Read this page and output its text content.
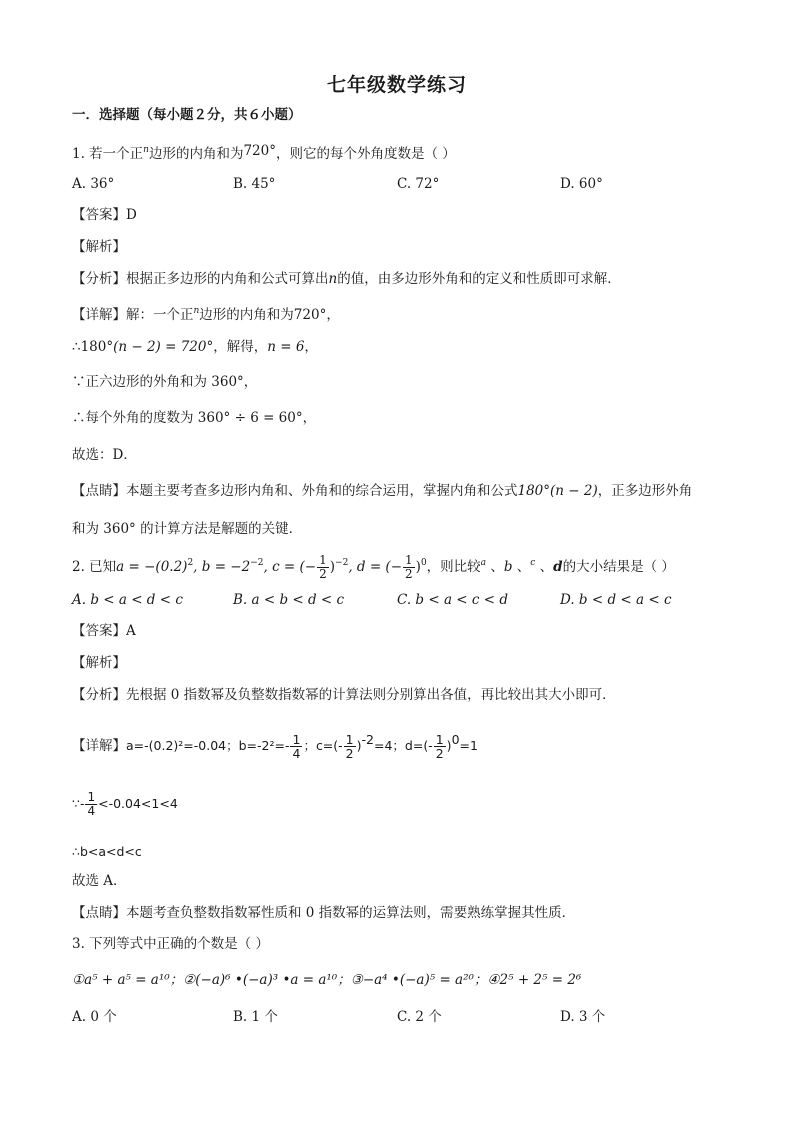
七年级数学练习
一．选择题（每小题２分，共６小题）
1. 若一个正$^n$边形的内角和为720°，则它的每个外角度数是（ ）
A. 36°	B. 45°	C. 72°	D. 60°
【答案】D
【解析】
【分析】根据正多边形的内角和公式可算出n的值，由多边形外角和的定义和性质即可求解．
【详解】解：一个正$^n$边形的内角和为720°，
∴180°(n − 2) = 720°，解得，n = 6，
∵正六边形的外角和为 360°，
∴每个外角的度数为 360° ÷ 6 = 60°，
故选：D．
【点睛】本题主要考查多边形内角和、外角和的综合运用，掌握内角和公式180°(n − 2)，正多边形外角
和为 360° 的计算方法是解题的关键．
2. 已知$a = -(0.2)^2$, $b = -2^{-2}$, c = (− $\frac{1}{2} )^{-2}$, d = (− $\frac{1}{2} )^0$，则比较$^a$ 、b 、$^c$ 、d的大小结果是（ ）
A. b < a < d < c	B. a < b < d < c	C. b < a < c < d	D. b < d < a < c
【答案】A
【解析】
【分析】先根据 0 指数幂及负整数指数幂的计算法则分别算出各值，再比较出其大小即可．
【详解】a=-(0.2)²=-0.04；$b=-2^2=- \frac{1}{4}$ ；$c=(- \frac{1}{2} )-2=4$；$d=(- \frac{1}{2} )0=1$
∵- $\frac{1}{4} <-0.04<1<4$
∴b<a<d<c
故选 A．
【点睛】本题考查负整数指数幂性质和 0 指数幂的运算法则，需要熟练掌握其性质．
3. 下列等式中正确的个数是（ ）
①a⁵ + a⁵ = a¹⁰；②(−a)⁶ •(−a)³ •a = a¹⁰；③−a⁴ •(−a)⁵ = a²⁰；④2⁵ + 2⁵ = 2⁶
A. 0 个	B. 1 个	C. 2 个	D. 3 个
